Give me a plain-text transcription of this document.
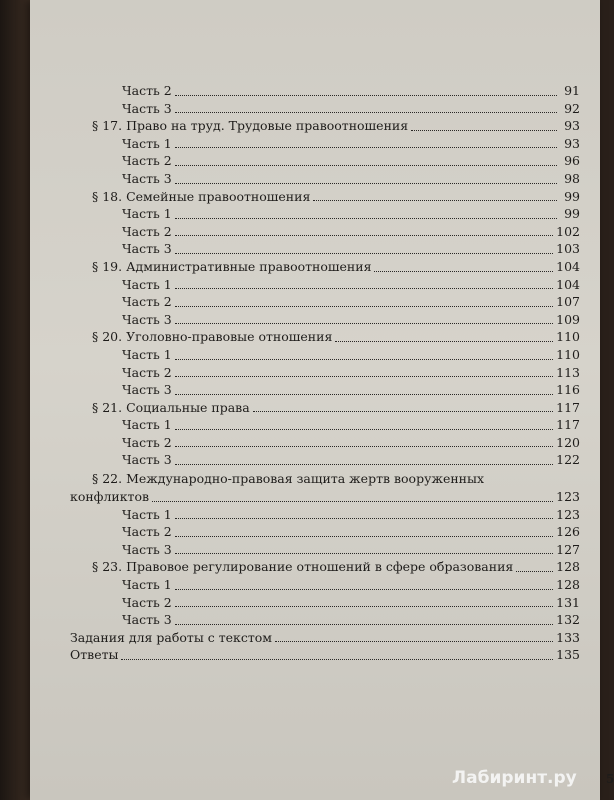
Часть 2	91
Часть 3	92
§ 17. Право на труд. Трудовые правоотношения	93
Часть 1	93
Часть 2	96
Часть 3	98
§ 18. Семейные правоотношения	99
Часть 1	99
Часть 2	102
Часть 3	103
§ 19. Административные правоотношения	104
Часть 1	104
Часть 2	107
Часть 3	109
§ 20. Уголовно-правовые отношения	110
Часть 1	110
Часть 2	113
Часть 3	116
§ 21. Социальные права	117
Часть 1	117
Часть 2	120
Часть 3	122
§ 22. Международно-правовая защита жертв вооруженных
конфликтов	123
Часть 1	123
Часть 2	126
Часть 3	127
§ 23. Правовое регулирование отношений в сфере образования	128
Часть 1	128
Часть 2	131
Часть 3	132
Задания для работы с текстом	133
Ответы	135
5
Лабиринт.ру
